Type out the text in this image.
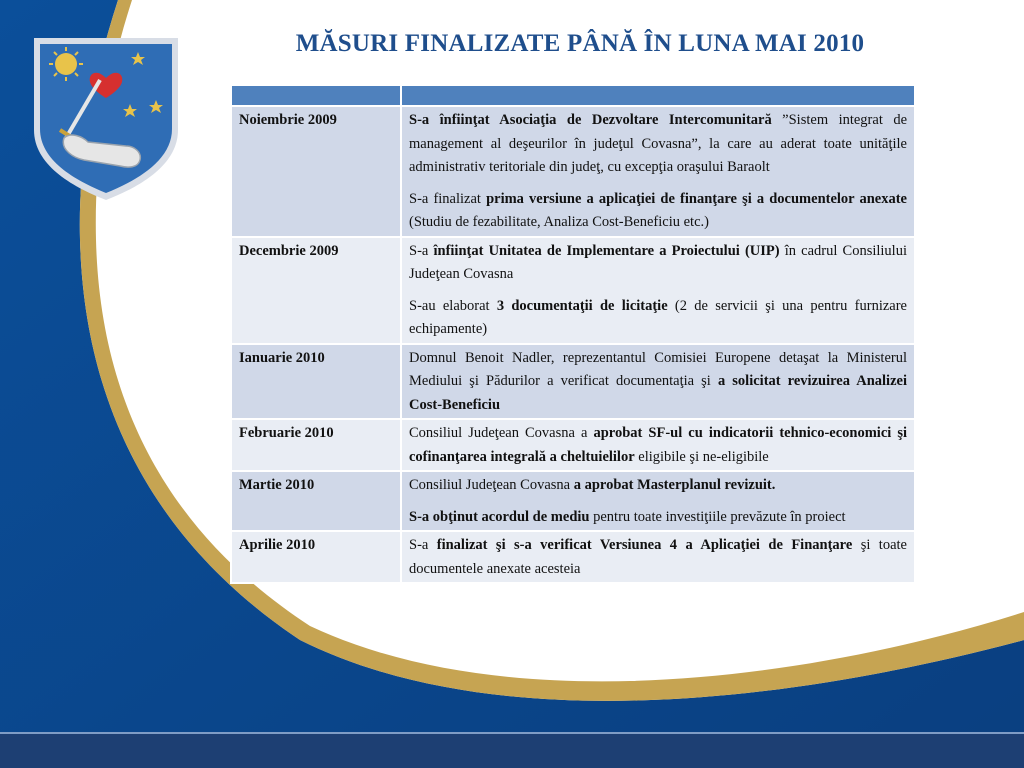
MĂSURI FINALIZATE PÂNĂ ÎN LUNA MAI 2010

Noiembrie 2009	S-a înfiinţat Asociaţia de Dezvoltare Intercomunitară ”Sistem integrat de management al deşeurilor în judeţul Covasna”, la care au aderat toate unităţile administrativ teritoriale din judeţ, cu excepţia oraşului Baraolt

S-a finalizat prima versiune a aplicaţiei de finanţare şi a documentelor anexate (Studiu de fezabilitate, Analiza Cost-Beneficiu etc.)

Decembrie 2009	S-a înfiinţat Unitatea de Implementare a Proiectului (UIP) în cadrul Consiliului Judeţean Covasna

S-au elaborat 3 documentaţii de licitaţie (2 de servicii şi una pentru furnizare echipamente)

Ianuarie 2010	Domnul Benoit Nadler, reprezentantul Comisiei Europene detaşat la Ministerul Mediului şi Pădurilor a verificat documentaţia şi a solicitat revizuirea Analizei Cost-Beneficiu

Februarie 2010	Consiliul Judeţean Covasna a aprobat SF-ul cu indicatorii tehnico-economici şi cofinanţarea integrală a cheltuielilor eligibile şi ne-eligibile

Martie 2010	Consiliul Judeţean Covasna a aprobat Masterplanul revizuit.

S-a obţinut acordul de mediu pentru toate investiţiile prevăzute în proiect

Aprilie 2010	S-a finalizat şi s-a verificat Versiunea 4 a Aplicaţiei de Finanţare şi toate documentele anexate acesteia
